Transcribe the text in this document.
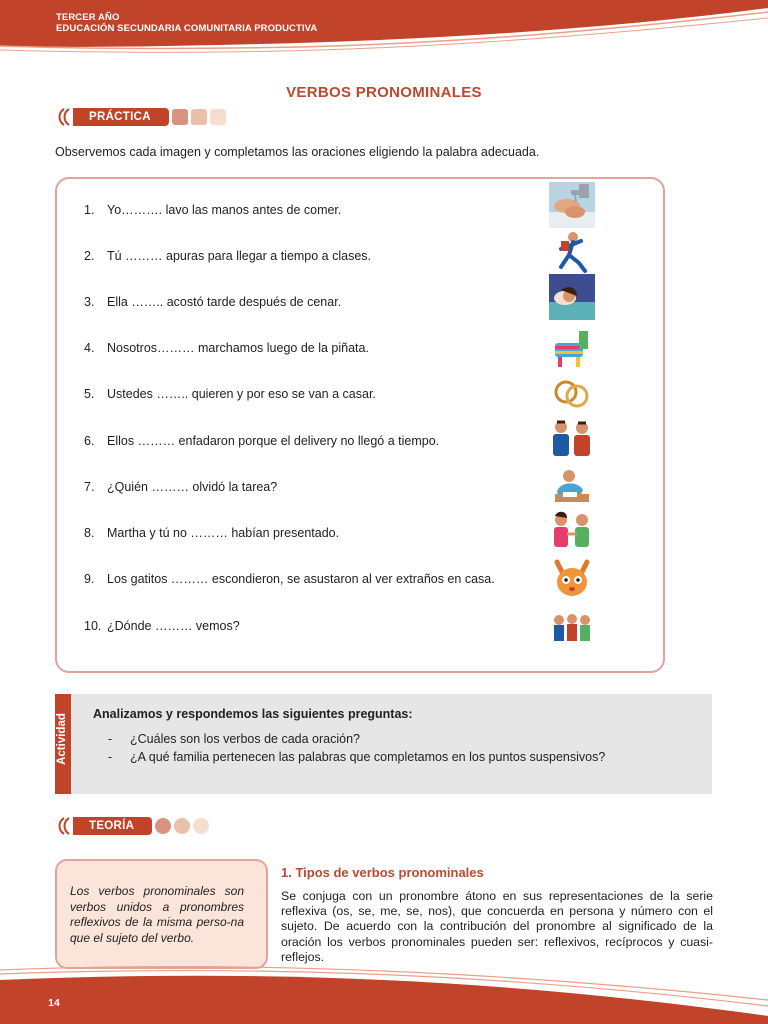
TERCER AÑO
EDUCACIÓN SECUNDARIA COMUNITARIA PRODUCTIVA
VERBOS PRONOMINALES
PRÁCTICA
Observemos cada imagen y completamos las oraciones eligiendo la palabra adecuada.
1. Yo………. lavo las manos antes de comer.
2. Tú ……… apuras para llegar a tiempo a clases.
3. Ella …….. acostó tarde después de cenar.
4. Nosotros……… marchamos luego de la piñata.
5. Ustedes …….. quieren y por eso se van a casar.
6. Ellos ……… enfadaron porque el delivery no llegó a tiempo.
7. ¿Quién ……… olvidó la tarea?
8. Martha y tú no ……… habían presentado.
9. Los gatitos ……… escondieron, se asustaron al ver extraños en casa.
10. ¿Dónde ……… vemos?
Actividad Analizamos y respondemos las siguientes preguntas:
- ¿Cuáles son los verbos de cada oración?
- ¿A qué familia pertenecen las palabras que completamos en los puntos suspensivos?
TEORÍA
Los verbos pronominales son verbos unidos a pronombres reflexivos de la misma perso-na que el sujeto del verbo.
1. Tipos de verbos pronominales
Se conjuga con un pronombre átono en sus representaciones de la serie reflexiva (os, se, me, se, nos), que concuerda en persona y número con el sujeto. De acuerdo con la contribución del pronombre al significado de la oración los verbos pronominales pueden ser: reflexivos, recíprocos y cuasi-reflejos.
14
